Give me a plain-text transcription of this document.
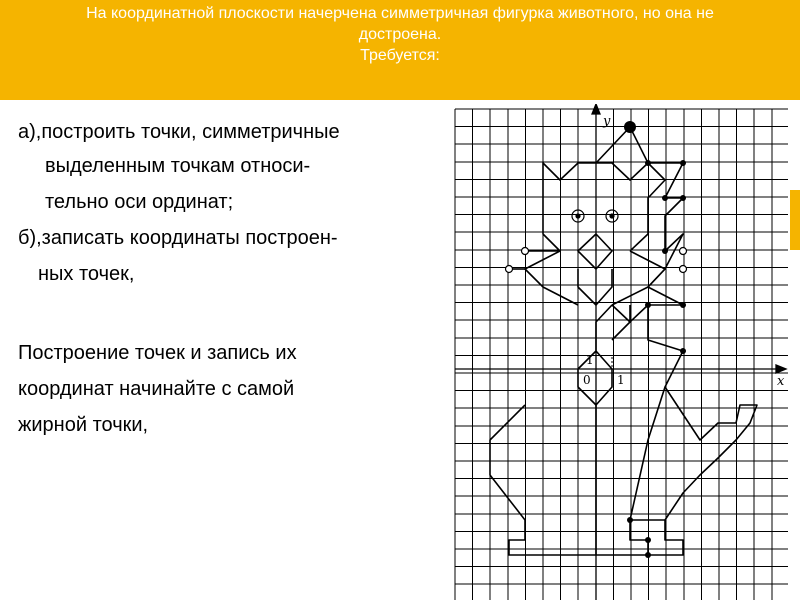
На координатной плоскости начерчена симметричная фигурка животного, но она не

достроена.

Требуется:

а),построить точки, симметричные
выделенным точкам относи-
тельно оси ординат;
б),записать координаты построен-
ных точек,
Построение точек и запись их
координат начинайте с самой
жирной точки,
x
y
0 1
1
